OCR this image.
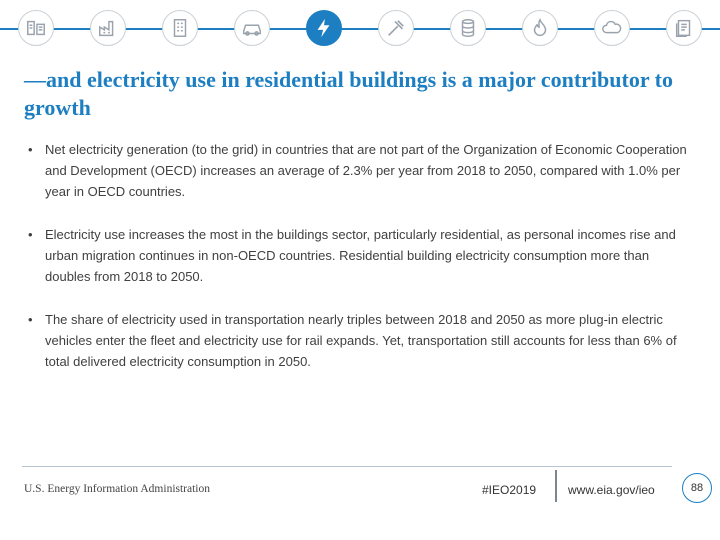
—and electricity use in residential buildings is a major contributor to growth
• Net electricity generation (to the grid) in countries that are not part of the Organization of Economic Cooperation and Development (OECD) increases an average of 2.3% per year from 2018 to 2050, compared with 1.0% per year in OECD countries.
• Electricity use increases the most in the buildings sector, particularly residential, as personal incomes rise and urban migration continues in non-OECD countries. Residential building electricity consumption more than doubles from 2018 to 2050.
• The share of electricity used in transportation nearly triples between 2018 and 2050 as more plug-in electric vehicles enter the fleet and electricity use for rail expands. Yet, transportation still accounts for less than 6% of total delivered electricity consumption in 2050.
U.S. Energy Information Administration	#IEO2019	www.eia.gov/ieo	88
